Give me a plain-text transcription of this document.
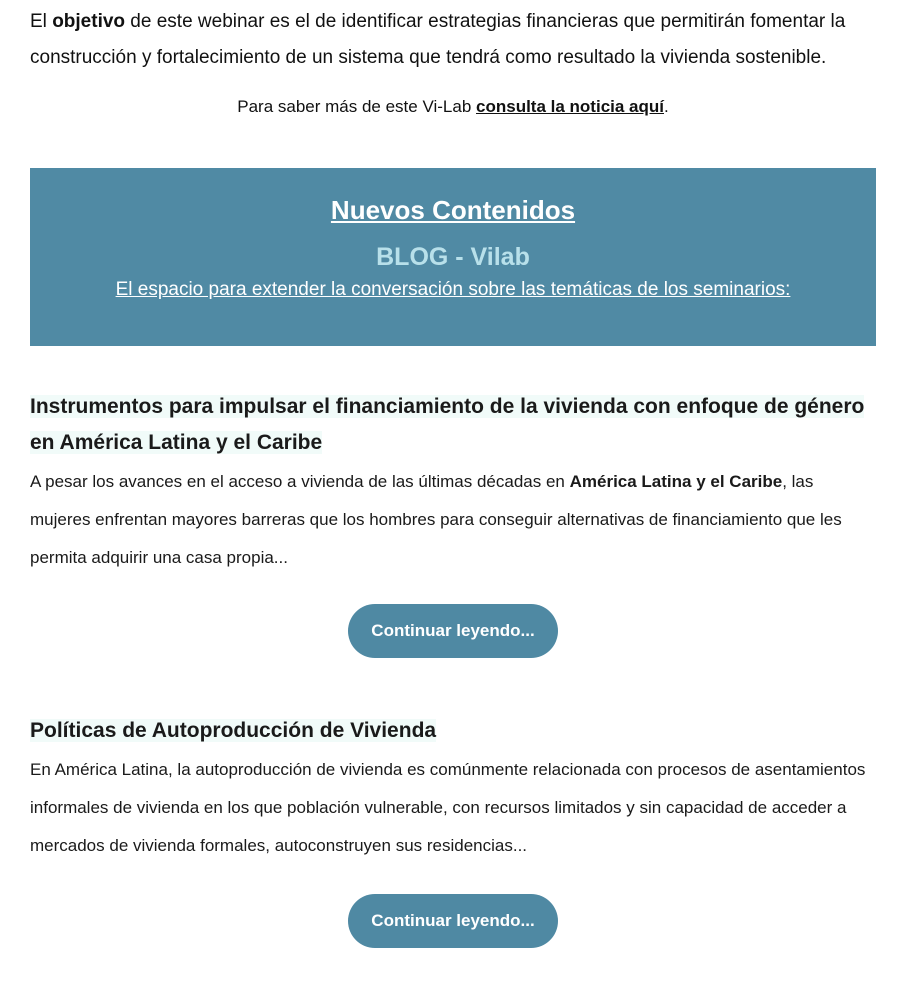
El objetivo de este webinar es el de identificar estrategias financieras que permitirán fomentar la construcción y fortalecimiento de un sistema que tendrá como resultado la vivienda sostenible.

Para saber más de este Vi-Lab consulta la noticia aquí.

Nuevos Contenidos
BLOG - Vilab

El espacio para extender la conversación sobre las temáticas de los seminarios:

Instrumentos para impulsar el financiamiento de la vivienda con enfoque de género en América Latina y el Caribe

A pesar los avances en el acceso a vivienda de las últimas décadas en América Latina y el Caribe, las mujeres enfrentan mayores barreras que los hombres para conseguir alternativas de financiamiento que les permita adquirir una casa propia...

Continuar leyendo...
Políticas de Autoproducción de Vivienda

En América Latina, la autoproducción de vivienda es comúnmente relacionada con procesos de asentamientos informales de vivienda en los que población vulnerable, con recursos limitados y sin capacidad de acceder a mercados de vivienda formales, autoconstruyen sus residencias...

Continuar leyendo...
